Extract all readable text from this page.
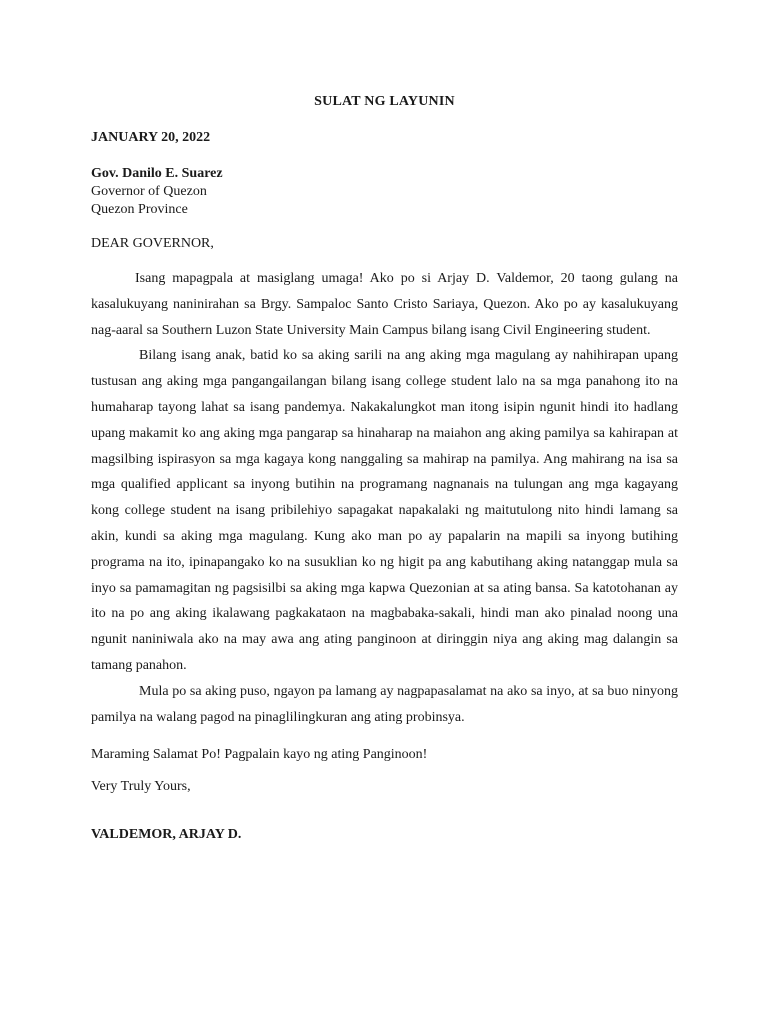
SULAT NG LAYUNIN
JANUARY 20, 2022
Gov. Danilo E. Suarez
Governor of Quezon
Quezon Province
DEAR GOVERNOR,

Isang mapagpala at masiglang umaga! Ako po si Arjay D. Valdemor, 20 taong gulang na kasalukuyang naninirahan sa Brgy. Sampaloc Santo Cristo Sariaya, Quezon. Ako po ay kasalukuyang nag-aaral sa Southern Luzon State University Main Campus bilang isang Civil Engineering student.

Bilang isang anak, batid ko sa aking sarili na ang aking mga magulang ay nahihirapan upang tustusan ang aking mga pangangailangan bilang isang college student lalo na sa mga panahong ito na humaharap tayong lahat sa isang pandemya. Nakakalungkot man itong isipin ngunit hindi ito hadlang upang makamit ko ang aking mga pangarap sa hinaharap na maiahon ang aking pamilya sa kahirapan at magsilbing ispirasyon sa mga kagaya kong nanggaling sa mahirap na pamilya. Ang mahirang na isa sa mga qualified applicant sa inyong butihin na programang nagnanais na tulungan ang mga kagayang kong college student na isang pribilehiyo sapagakat napakalaki ng maitutulong nito hindi lamang sa akin, kundi sa aking mga magulang. Kung ako man po ay papalarin na mapili sa inyong butihing programa na ito, ipinapangako ko na susuklian ko ng higit pa ang kabutihang aking natanggap mula sa inyo sa pamamagitan ng pagsisilbi sa aking mga kapwa Quezonian at sa ating bansa. Sa katotohanan ay ito na po ang aking ikalawang pagkakataon na magbabaka-sakali, hindi man ako pinalad noong una ngunit naniniwala ako na may awa ang ating panginoon at diringgin niya ang aking mag dalangin sa tamang panahon.

Mula po sa aking puso, ngayon pa lamang ay nagpapasalamat na ako sa inyo, at sa buo ninyong pamilya na walang pagod na pinaglilingkuran ang ating probinsya.

Maraming Salamat Po! Pagpalain kayo ng ating Panginoon!
Very Truly Yours,
VALDEMOR, ARJAY D.
